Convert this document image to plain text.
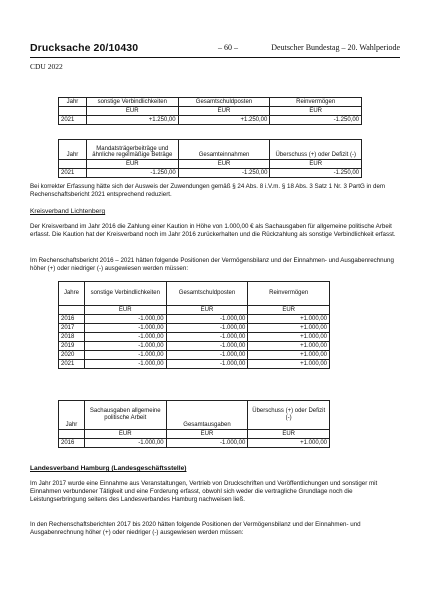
Drucksache 20/10430	– 60 –	Deutscher Bundestag – 20. Wahlperiode
CDU 2022
Jahr	sonstige Verbindlichkeiten	Gesamtschuldposten	Reinvermögen
	EUR	EUR	EUR
2021	+1.250,00	+1.250,00	-1.250,00
Jahr	Mandatsträgerbeiträge und ähnliche regelmäßige Beträge	Gesamteinnahmen	Überschuss (+) oder Defizit (-)
	EUR	EUR	EUR
2021	-1.250,00	-1.250,00	-1.250,00

Bei korrekter Erfassung hätte sich der Ausweis der Zuwendungen gemäß § 24 Abs. 8 i.V.m. § 18 Abs. 3 Satz 1 Nr. 3 PartG in dem Rechenschaftsbericht 2021 entsprechend reduziert.

Kreisverband Lichtenberg

Der Kreisverband im Jahr 2016 die Zahlung einer Kaution in Höhe von 1.000,00 € als Sachausgaben für allgemeine politische Arbeit erfasst. Die Kaution hat der Kreisverband noch im Jahr 2016 zurückerhalten und die Rückzahlung als sonstige Verbindlichkeit erfasst.

Im Rechenschaftsbericht 2016 – 2021 hätten folgende Positionen der Vermögensbilanz und der Einnahmen- und Ausgabenrechnung höher (+) oder niedriger (-) ausgewiesen werden müssen:

Jahre	sonstige Verbindlichkeiten	Gesamtschuldposten	Reinvermögen
	EUR	EUR	EUR
2016	-1.000,00	-1.000,00	+1.000,00
2017	-1.000,00	-1.000,00	+1.000,00
2018	-1.000,00	-1.000,00	+1.000,00
2019	-1.000,00	-1.000,00	+1.000,00
2020	-1.000,00	-1.000,00	+1.000,00
2021	-1.000,00	-1.000,00	+1.000,00
Jahr	Sachausgaben allgemeine politische Arbeit	Gesamtausgaben	Überschuss (+) oder Defizit (-)
	EUR	EUR	EUR
2016	-1.000,00	-1.000,00	+1.000,00

Landesverband Hamburg (Landesgeschäftsstelle)

Im Jahr 2017 wurde eine Einnahme aus Veranstaltungen, Vertrieb von Druckschriften und Veröffentlichungen und sonstiger mit Einnahmen verbundener Tätigkeit und eine Forderung erfasst, obwohl sich weder die vertragliche Grundlage noch die Leistungserbringung seitens des Landesverbandes Hamburg nachweisen ließ.

In den Rechenschaftsberichten 2017 bis 2020 hätten folgende Positionen der Vermögensbilanz und der Einnahmen- und Ausgabenrechnung höher (+) oder niedriger (-) ausgewiesen werden müssen:
